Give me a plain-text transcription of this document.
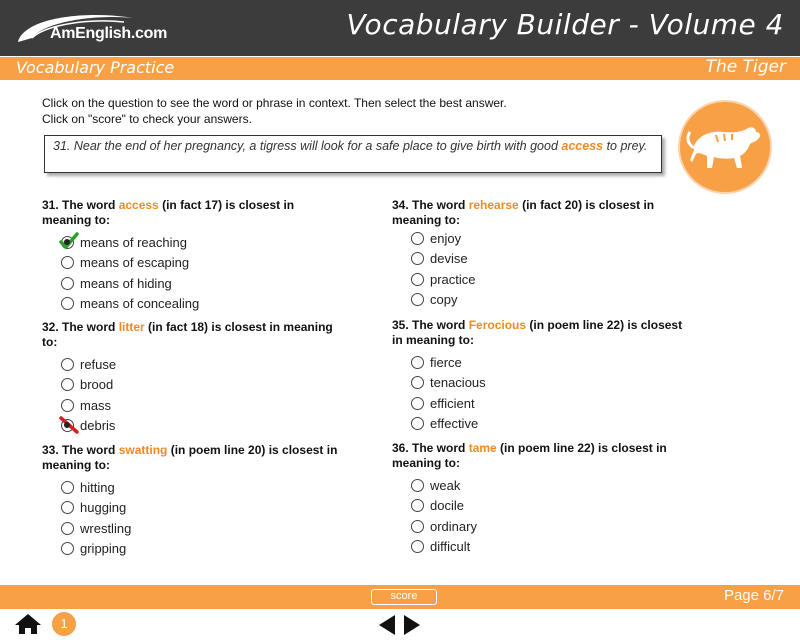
AmEnglish.com	Vocabulary Builder - Volume 4
Vocabulary Practice	The Tiger
Click on the question to see the word or phrase in context. Then select the best answer.
Click on "score" to check your answers.
31. Near the end of her pregnancy, a tigress will look for a safe place to give birth with good access to prey.
31. The word access (in fact 17) is closest in meaning to:
means of reaching
means of escaping
means of hiding
means of concealing
32. The word litter (in fact 18) is closest in meaning to:
refuse
brood
mass
debris
33. The word swatting (in poem line 20) is closest in meaning to:
hitting
hugging
wrestling
gripping
34. The word rehearse (in fact 20) is closest in meaning to:
enjoy
devise
practice
copy
35. The word Ferocious (in poem line 22) is closest in meaning to:
fierce
tenacious
efficient
effective
36. The word tame (in poem line 22) is closest in meaning to:
weak
docile
ordinary
difficult
score	Page 6/7
1
